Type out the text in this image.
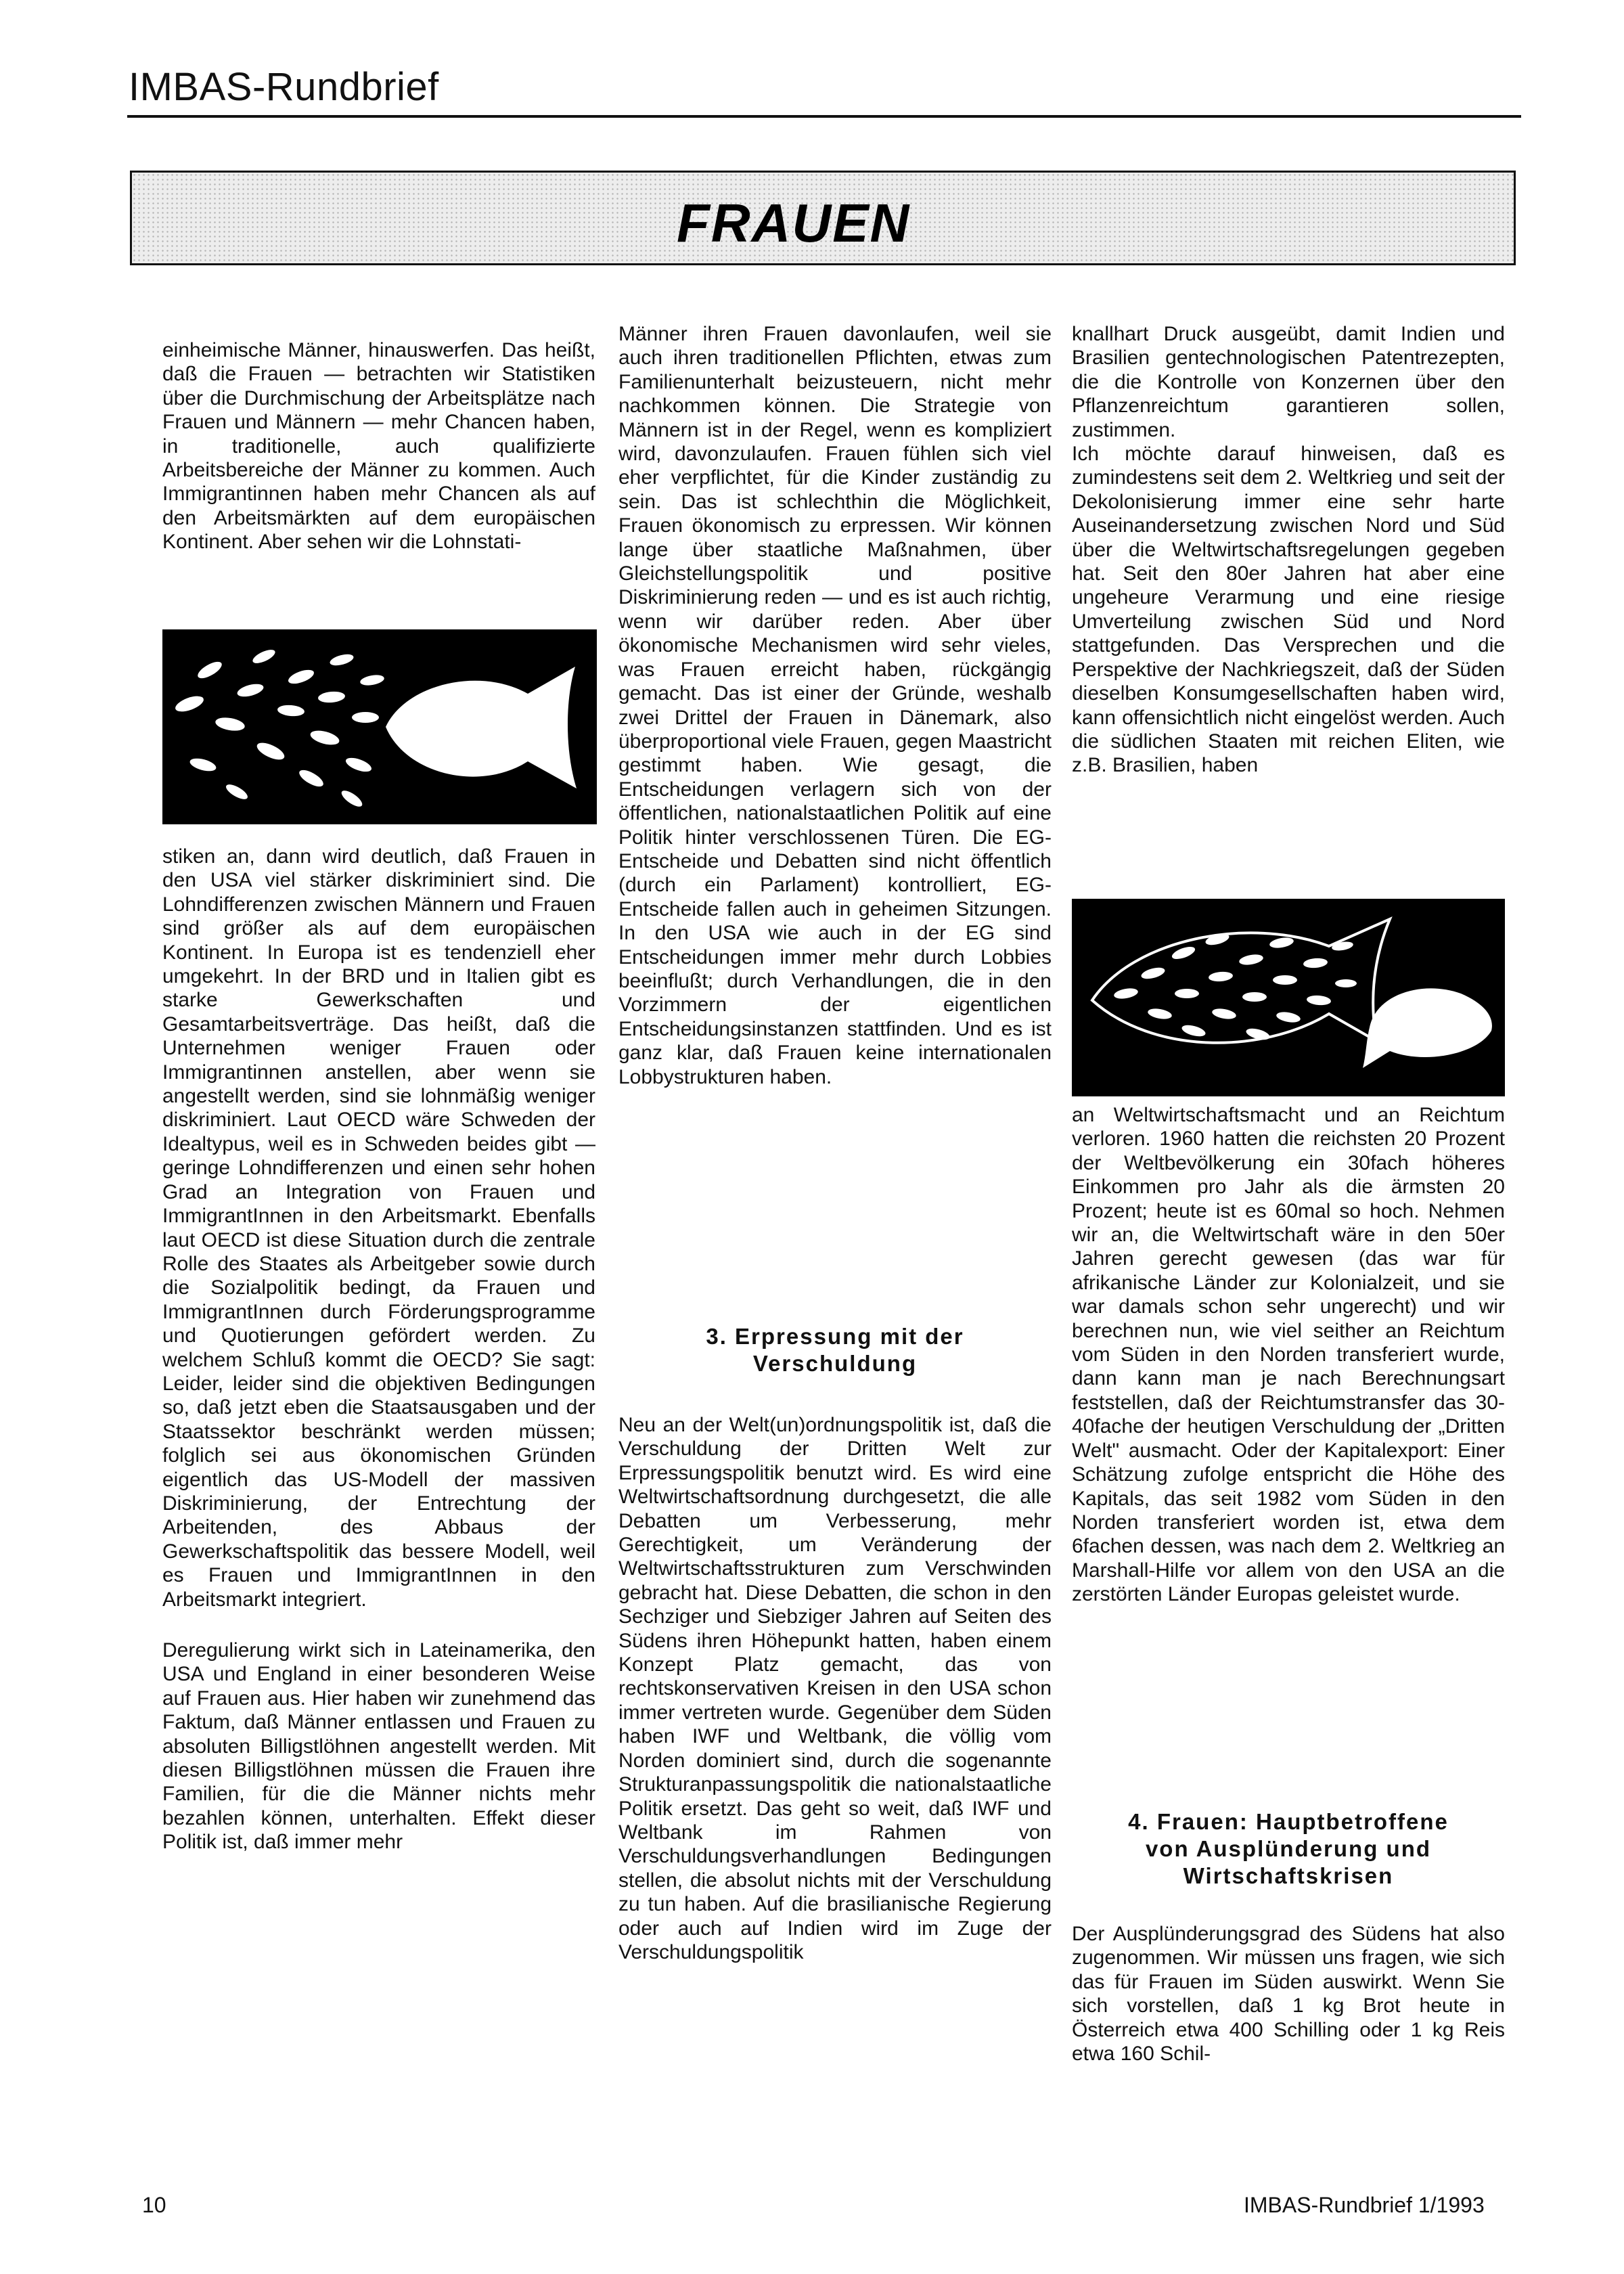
IMBAS-Rundbrief
FRAUEN

einheimische Männer, hinauswerfen. Das heißt, daß die Frauen — betrachten wir Statistiken über die Durchmischung der Arbeitsplätze nach Frauen und Männern — mehr Chancen haben, in traditionelle, auch qualifizierte Arbeitsbereiche der Männer zu kommen. Auch Immigrantinnen haben mehr Chancen als auf den Arbeitsmärkten auf dem europäischen Kontinent. Aber sehen wir die Lohnstati-

stiken an, dann wird deutlich, daß Frauen in den USA viel stärker diskriminiert sind. Die Lohndifferenzen zwischen Männern und Frauen sind größer als auf dem europäischen Kontinent. In Europa ist es tendenziell eher umgekehrt. In der BRD und in Italien gibt es starke Gewerkschaften und Gesamtarbeitsverträge. Das heißt, daß die Unternehmen weniger Frauen oder Immigrantinnen anstellen, aber wenn sie angestellt werden, sind sie lohnmäßig weniger diskriminiert. Laut OECD wäre Schweden der Idealtypus, weil es in Schweden beides gibt — geringe Lohndifferenzen und einen sehr hohen Grad an Integration von Frauen und ImmigrantInnen in den Arbeitsmarkt. Ebenfalls laut OECD ist diese Situation durch die zentrale Rolle des Staates als Arbeitgeber sowie durch die Sozialpolitik bedingt, da Frauen und ImmigrantInnen durch Förderungsprogramme und Quotierungen gefördert werden. Zu welchem Schluß kommt die OECD? Sie sagt: Leider, leider sind die objektiven Bedingungen so, daß jetzt eben die Staatsausgaben und der Staatssektor beschränkt werden müssen; folglich sei aus ökonomischen Gründen eigentlich das US-Modell der massiven Diskriminierung, der Entrechtung der Arbeitenden, des Abbaus der Gewerkschaftspolitik das bessere Modell, weil es Frauen und ImmigrantInnen in den Arbeitsmarkt integriert.

Deregulierung wirkt sich in Lateinamerika, den USA und England in einer besonderen Weise auf Frauen aus. Hier haben wir zunehmend das Faktum, daß Männer entlassen und Frauen zu absoluten Billigstlöhnen angestellt werden. Mit diesen Billigstlöhnen müssen die Frauen ihre Familien, für die die Männer nichts mehr bezahlen können, unterhalten. Effekt dieser Politik ist, daß immer mehr

Männer ihren Frauen davonlaufen, weil sie auch ihren traditionellen Pflichten, etwas zum Familienunterhalt beizusteuern, nicht mehr nachkommen können. Die Strategie von Männern ist in der Regel, wenn es kompliziert wird, davonzulaufen. Frauen fühlen sich viel eher verpflichtet, für die Kinder zuständig zu sein. Das ist schlechthin die Möglichkeit, Frauen ökonomisch zu erpressen. Wir können lange über staatliche Maßnahmen, über Gleichstellungspolitik und positive Diskriminierung reden — und es ist auch richtig, wenn wir darüber reden. Aber über ökonomische Mechanismen wird sehr vieles, was Frauen erreicht haben, rückgängig gemacht. Das ist einer der Gründe, weshalb zwei Drittel der Frauen in Dänemark, also überproportional viele Frauen, gegen Maastricht gestimmt haben. Wie gesagt, die Entscheidungen verlagern sich von der öffentlichen, nationalstaatlichen Politik auf eine Politik hinter verschlossenen Türen. Die EG-Entscheide und Debatten sind nicht öffentlich (durch ein Parlament) kontrolliert, EG-Entscheide fallen auch in geheimen Sitzungen. In den USA wie auch in der EG sind Entscheidungen immer mehr durch Lobbies beeinflußt; durch Verhandlungen, die in den Vorzimmern der eigentlichen Entscheidungsinstanzen stattfinden. Und es ist ganz klar, daß Frauen keine internationalen Lobbystrukturen haben.

3. Erpressung mit der
Verschuldung

Neu an der Welt(un)ordnungspolitik ist, daß die Verschuldung der Dritten Welt zur Erpressungspolitik benutzt wird. Es wird eine Weltwirtschaftsordnung durchgesetzt, die alle Debatten um Verbesserung, mehr Gerechtigkeit, um Veränderung der Weltwirtschaftsstrukturen zum Verschwinden gebracht hat. Diese Debatten, die schon in den Sechziger und Siebziger Jahren auf Seiten des Südens ihren Höhepunkt hatten, haben einem Konzept Platz gemacht, das von rechtskonservativen Kreisen in den USA schon immer vertreten wurde. Gegenüber dem Süden haben IWF und Weltbank, die völlig vom Norden dominiert sind, durch die sogenannte Strukturanpassungspolitik die nationalstaatliche Politik ersetzt. Das geht so weit, daß IWF und Weltbank im Rahmen von Verschuldungsverhandlungen Bedingungen stellen, die absolut nichts mit der Verschuldung zu tun haben. Auf die brasilianische Regierung oder auch auf Indien wird im Zuge der Verschuldungspolitik

knallhart Druck ausgeübt, damit Indien und Brasilien gentechnologischen Patentrezepten, die die Kontrolle von Konzernen über den Pflanzenreichtum garantieren sollen, zustimmen.

Ich möchte darauf hinweisen, daß es zumindestens seit dem 2. Weltkrieg und seit der Dekolonisierung immer eine sehr harte Auseinandersetzung zwischen Nord und Süd über die Weltwirtschaftsregelungen gegeben hat. Seit den 80er Jahren hat aber eine ungeheure Verarmung und eine riesige Umverteilung zwischen Süd und Nord stattgefunden. Das Versprechen und die Perspektive der Nachkriegszeit, daß der Süden dieselben Konsumgesellschaften haben wird, kann offensichtlich nicht eingelöst werden. Auch die südlichen Staaten mit reichen Eliten, wie z.B. Brasilien, haben

an Weltwirtschaftsmacht und an Reichtum verloren. 1960 hatten die reichsten 20 Prozent der Weltbevölkerung ein 30fach höheres Einkommen pro Jahr als die ärmsten 20 Prozent; heute ist es 60mal so hoch. Nehmen wir an, die Weltwirtschaft wäre in den 50er Jahren gerecht gewesen (das war für afrikanische Länder zur Kolonialzeit, und sie war damals schon sehr ungerecht) und wir berechnen nun, wie viel seither an Reichtum vom Süden in den Norden transferiert wurde, dann kann man je nach Berechnungsart feststellen, daß der Reichtumstransfer das 30-40fache der heutigen Verschuldung der „Dritten Welt" ausmacht. Oder der Kapitalexport: Einer Schätzung zufolge entspricht die Höhe des Kapitals, das seit 1982 vom Süden in den Norden transferiert worden ist, etwa dem 6fachen dessen, was nach dem 2. Weltkrieg an Marshall-Hilfe vor allem von den USA an die zerstörten Länder Europas geleistet wurde.

4. Frauen: Hauptbetroffene
von Ausplünderung und
Wirtschaftskrisen

Der Ausplünderungsgrad des Südens hat also zugenommen. Wir müssen uns fragen, wie sich das für Frauen im Süden auswirkt. Wenn Sie sich vorstellen, daß 1 kg Brot heute in Österreich etwa 400 Schilling oder 1 kg Reis etwa 160 Schil-

10	IMBAS-Rundbrief 1/1993
